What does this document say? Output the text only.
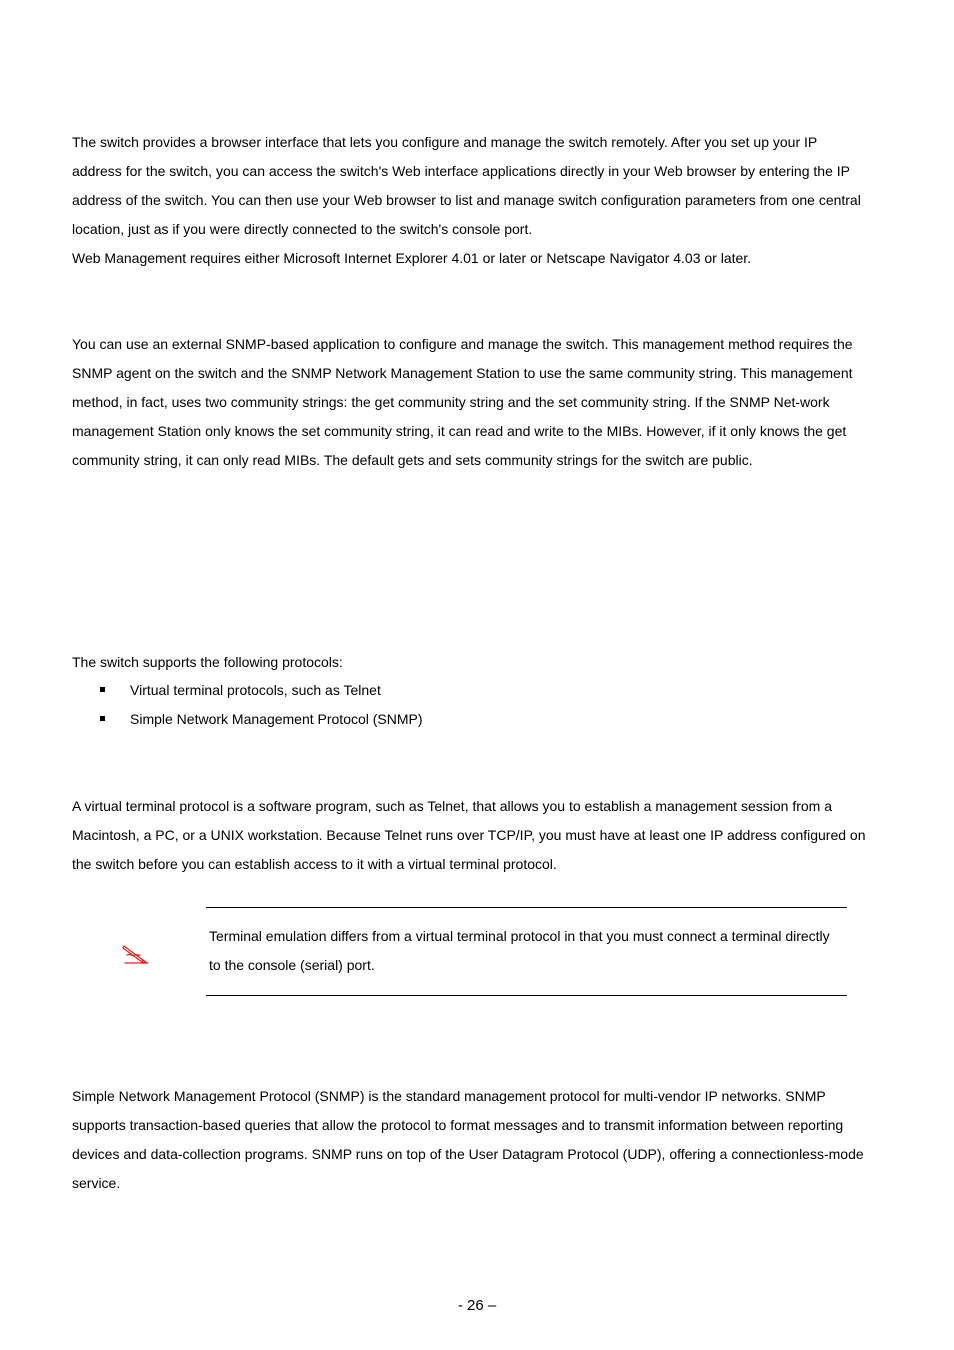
The switch provides a browser interface that lets you configure and manage the switch remotely. After you set up your IP
address for the switch, you can access the switch's Web interface applications directly in your Web browser by entering the IP
address of the switch. You can then use your Web browser to list and manage switch configuration parameters from one central
location, just as if you were directly connected to the switch's console port.
Web Management requires either Microsoft Internet Explorer 4.01 or later or Netscape Navigator 4.03 or later.
You can use an external SNMP-based application to configure and manage the switch. This management method requires the
SNMP agent on the switch and the SNMP Network Management Station to use the same community string. This management
method, in fact, uses two community strings: the get community string and the set community string. If the SNMP Net-work
management Station only knows the set community string, it can read and write to the MIBs. However, if it only knows the get
community string, it can only read MIBs. The default gets and sets community strings for the switch are public.
The switch supports the following protocols:
Virtual terminal protocols, such as Telnet
Simple Network Management Protocol (SNMP)
A virtual terminal protocol is a software program, such as Telnet, that allows you to establish a management session from a
Macintosh, a PC, or a UNIX workstation. Because Telnet runs over TCP/IP, you must have at least one IP address configured on
the switch before you can establish access to it with a virtual terminal protocol.
Terminal emulation differs from a virtual terminal protocol in that you must connect a terminal directly
to the console (serial) port.
Simple Network Management Protocol (SNMP) is the standard management protocol for multi-vendor IP networks. SNMP
supports transaction-based queries that allow the protocol to format messages and to transmit information between reporting
devices and data-collection programs. SNMP runs on top of the User Datagram Protocol (UDP), offering a connectionless-mode
service.
- 26 –
